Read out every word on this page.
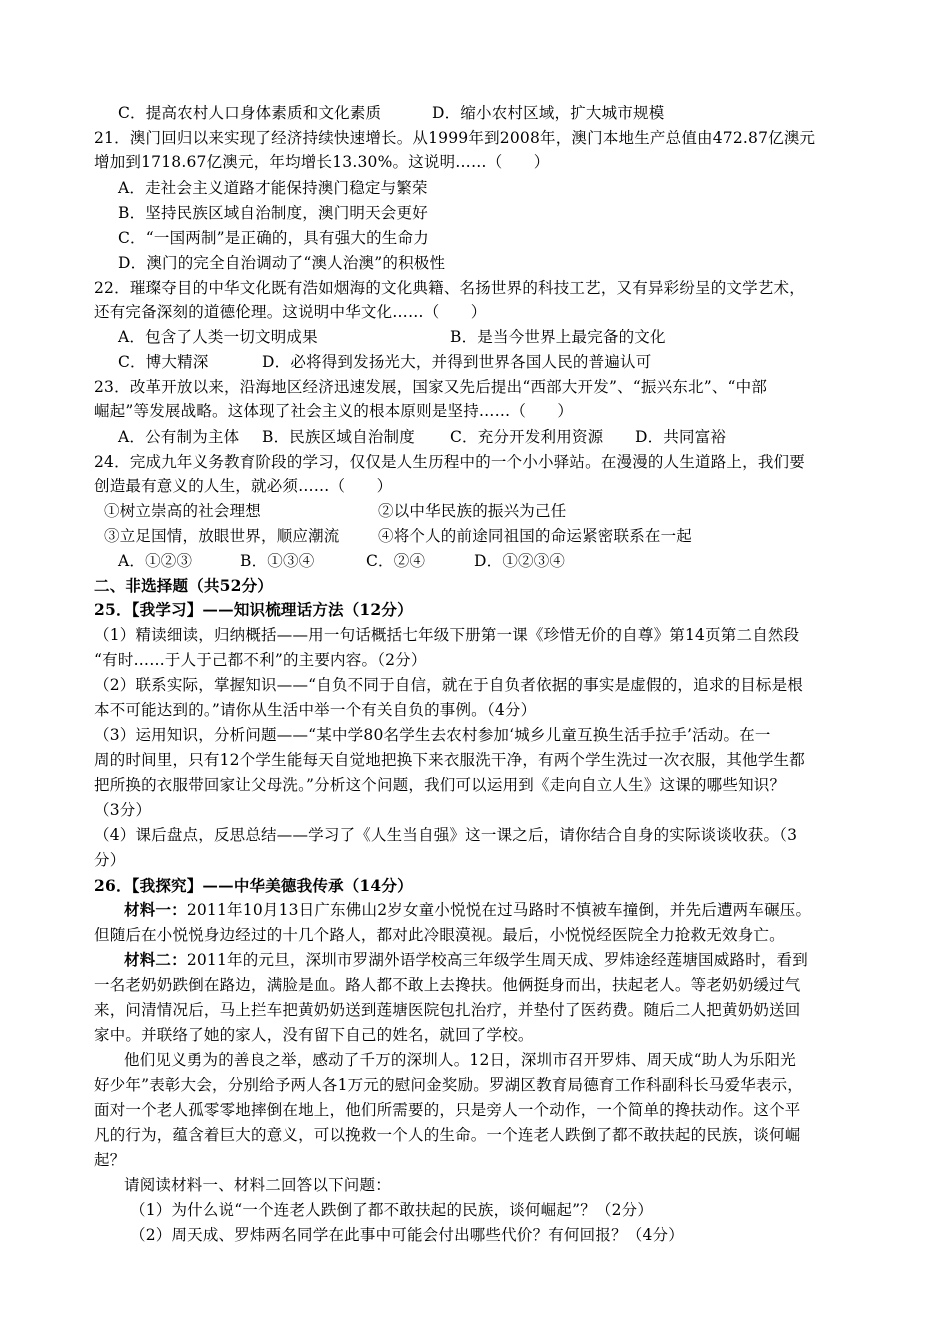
C．提高农村人口身体素质和文化素质	D．缩小农村区域，扩大城市规模
21．澳门回归以来实现了经济持续快速增长。从1999年到2008年，澳门本地生产总值由472.87亿澳元
增加到1718.67亿澳元，年均增长13.30%。这说明……（　　）
A．走社会主义道路才能保持澳门稳定与繁荣
B．坚持民族区域自治制度，澳门明天会更好
C．“一国两制”是正确的，具有强大的生命力
D．澳门的完全自治调动了“澳人治澳”的积极性
22．璀璨夺目的中华文化既有浩如烟海的文化典籍、名扬世界的科技工艺，又有异彩纷呈的文学艺术，
还有完备深刻的道德伦理。这说明中华文化……（　　）
A．包含了人类一切文明成果	B．是当今世界上最完备的文化
C．博大精深	D．必将得到发扬光大，并得到世界各国人民的普遍认可
23．改革开放以来，沿海地区经济迅速发展，国家又先后提出“西部大开发”、“振兴东北”、“中部
崛起”等发展战略。这体现了社会主义的根本原则是坚持……（　　）
A．公有制为主体 B．民族区域自治制度 C．充分开发利用资源 D．共同富裕
24．完成九年义务教育阶段的学习，仅仅是人生历程中的一个小小驿站。在漫漫的人生道路上，我们要
创造最有意义的人生，就必须……（　　）
①树立崇高的社会理想	②以中华民族的振兴为己任
③立足国情，放眼世界，顺应潮流 ④将个人的前途同祖国的命运紧密联系在一起
A．①②③	B．①③④	C．②④	D．①②③④
二、非选择题（共52分）
25．【我学习】——知识梳理话方法（12分）
（1）精读细读，归纳概括——用一句话概括七年级下册第一课《珍惜无价的自尊》第14页第二自然段
“有时……于人于己都不利”的主要内容。（2分）
（2）联系实际，掌握知识——“自负不同于自信，就在于自负者依据的事实是虚假的，追求的目标是根
本不可能达到的。”请你从生活中举一个有关自负的事例。（4分）
（3）运用知识，分析问题——“某中学80名学生去农村参加‘城乡儿童互换生活手拉手’活动。在一
周的时间里，只有12个学生能每天自觉地把换下来衣服洗干净，有两个学生洗过一次衣服，其他学生都
把所换的衣服带回家让父母洗。”分析这个问题，我们可以运用到《走向自立人生》这课的哪些知识？
（3分）
（4）课后盘点，反思总结——学习了《人生当自强》这一课之后，请你结合自身的实际谈谈收获。（3
分）
26．【我探究】——中华美德我传承（14分）
材料一：2011年10月13日广东佛山2岁女童小悦悦在过马路时不慎被车撞倒，并先后遭两车碾压。
但随后在小悦悦身边经过的十几个路人，都对此冷眼漠视。最后，小悦悦经医院全力抢救无效身亡。
材料二：2011年的元旦，深圳市罗湖外语学校高三年级学生周天成、罗炜途经莲塘国威路时，看到
一名老奶奶跌倒在路边，满脸是血。路人都不敢上去搀扶。他俩挺身而出，扶起老人。等老奶奶缓过气
来，问清情况后，马上拦车把黄奶奶送到莲塘医院包扎治疗，并垫付了医药费。随后二人把黄奶奶送回
家中。并联络了她的家人，没有留下自己的姓名，就回了学校。
他们见义勇为的善良之举，感动了千万的深圳人。12日，深圳市召开罗炜、周天成“助人为乐阳光
好少年”表彰大会，分别给予两人各1万元的慰问金奖励。罗湖区教育局德育工作科副科长马爱华表示，
面对一个老人孤零零地摔倒在地上，他们所需要的，只是旁人一个动作，一个简单的搀扶动作。这个平
凡的行为，蕴含着巨大的意义，可以挽救一个人的生命。一个连老人跌倒了都不敢扶起的民族，谈何崛
起？
请阅读材料一、材料二回答以下问题：
（1）为什么说“一个连老人跌倒了都不敢扶起的民族，谈何崛起”？（2分）
（2）周天成、罗炜两名同学在此事中可能会付出哪些代价？有何回报？（4分）
